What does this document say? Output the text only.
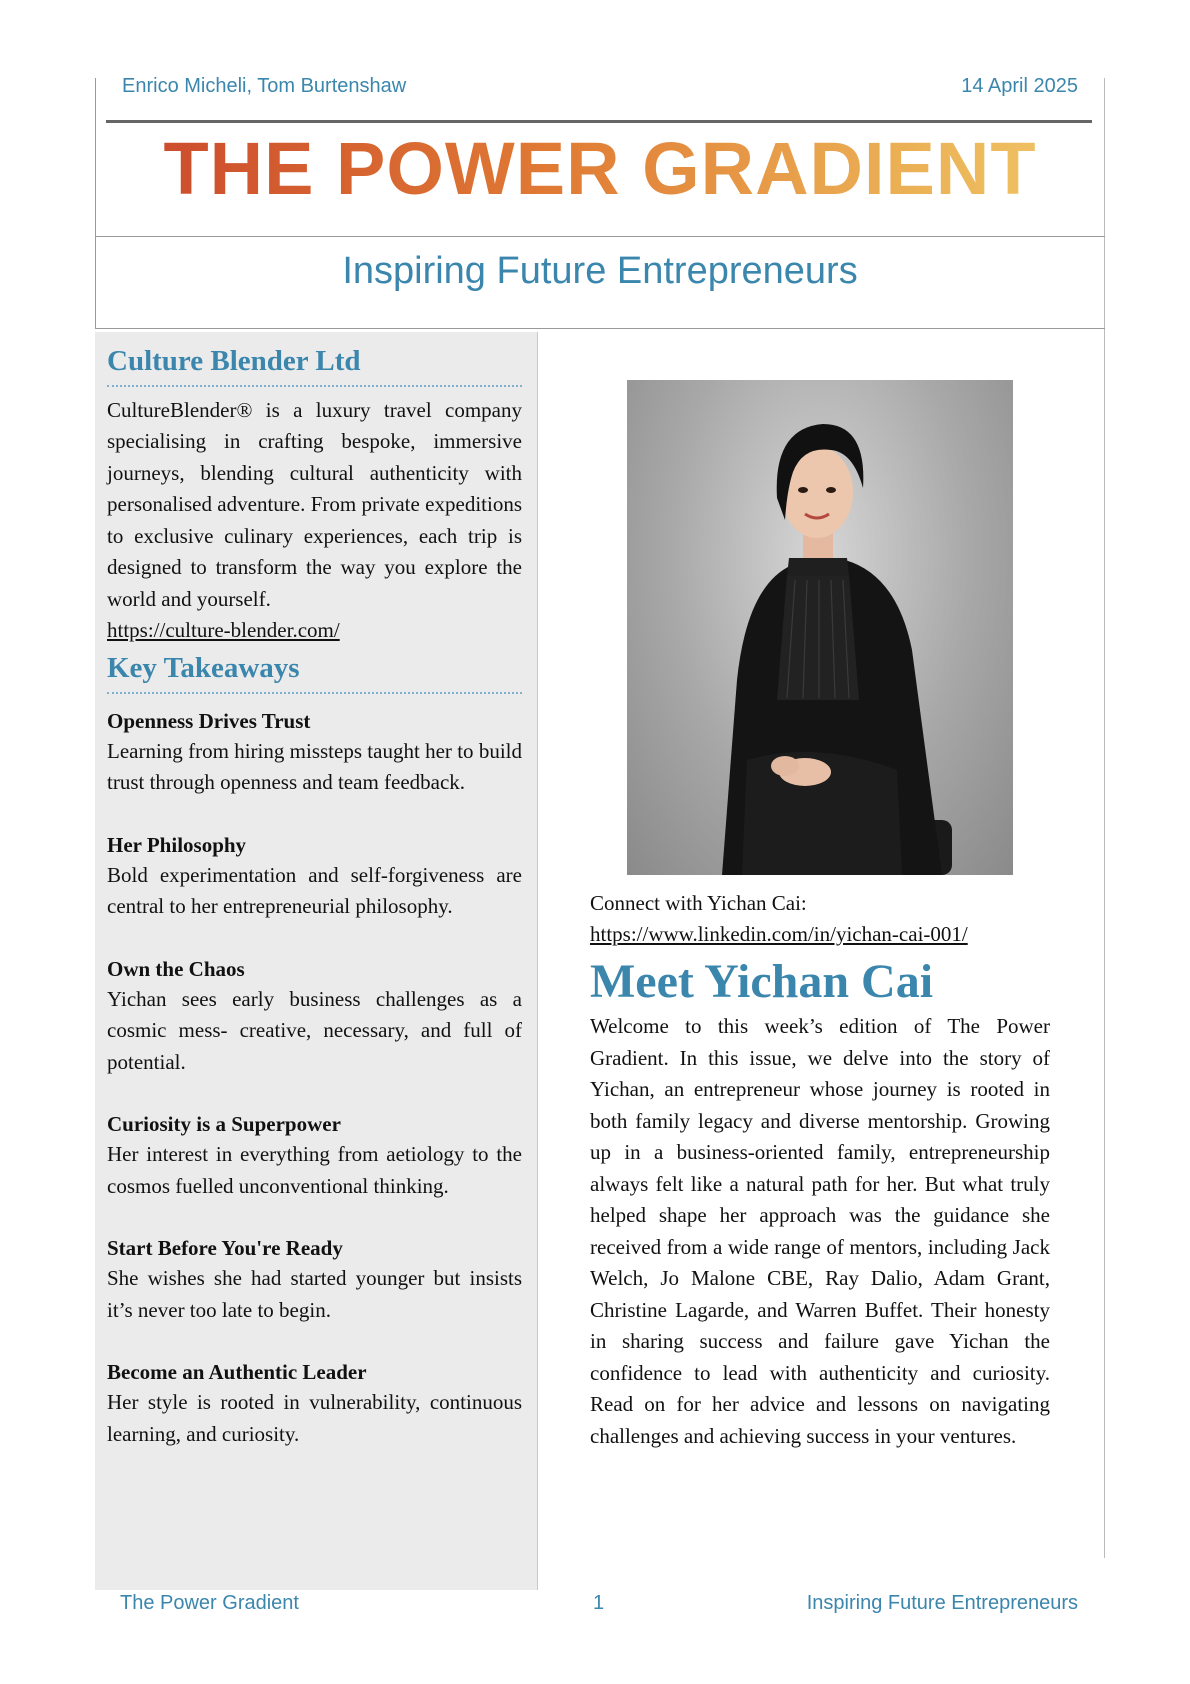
Enrico Micheli, Tom Burtenshaw	14 April 2025
THE POWER GRADIENT
Inspiring Future Entrepreneurs
Culture Blender Ltd

CultureBlender® is a luxury travel company specialising in crafting bespoke, immersive journeys, blending cultural authenticity with personalised adventure. From private expeditions to exclusive culinary experiences, each trip is designed to transform the way you explore the world and yourself.

https://culture-blender.com/
Key Takeaways

Openness Drives Trust

Learning from hiring missteps taught her to build trust through openness and team feedback.

Her Philosophy

Bold experimentation and self-forgiveness are central to her entrepreneurial philosophy.

Own the Chaos

Yichan sees early business challenges as a cosmic mess- creative, necessary, and full of potential.

Curiosity is a Superpower

Her interest in everything from aetiology to the cosmos fuelled unconventional thinking.

Start Before You're Ready

She wishes she had started younger but insists it’s never too late to begin.

Become an Authentic Leader

Her style is rooted in vulnerability, continuous learning, and curiosity.

Connect with Yichan Cai:
https://www.linkedin.com/in/yichan-cai-001/
Meet Yichan Cai

Welcome to this week’s edition of The Power Gradient. In this issue, we delve into the story of Yichan, an entrepreneur whose journey is rooted in both family legacy and diverse mentorship. Growing up in a business-oriented family, entrepreneurship always felt like a natural path for her. But what truly helped shape her approach was the guidance she received from a wide range of mentors, including Jack Welch, Jo Malone CBE, Ray Dalio, Adam Grant, Christine Lagarde, and Warren Buffet. Their honesty in sharing success and failure gave Yichan the confidence to lead with authenticity and curiosity. Read on for her advice and lessons on navigating challenges and achieving success in your ventures.

The Power Gradient	1	Inspiring Future Entrepreneurs
